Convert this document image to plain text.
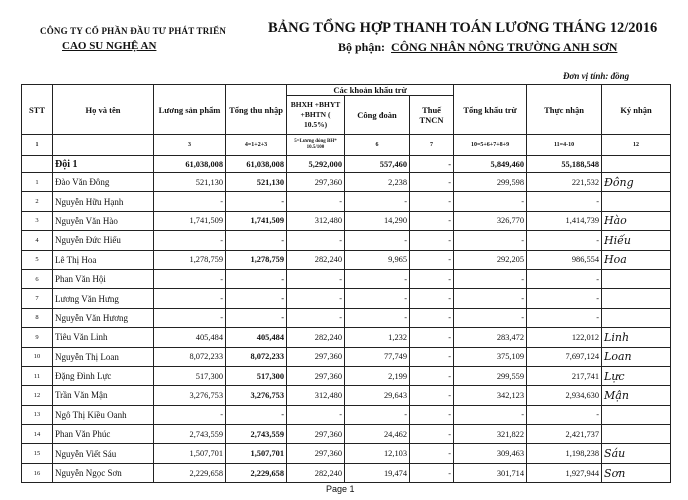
CÔNG TY CỔ PHẦN ĐẦU TƯ PHÁT TRIỂN
CAO SU NGHỆ AN
BẢNG TỔNG HỢP THANH TOÁN LƯƠNG THÁNG 12/2016
Bộ phận: CÔNG NHÂN NÔNG TRƯỜNG ANH SƠN
Đơn vị tính: đồng
STT	Họ và tên	Lương sản phẩm	Tổng thu nhập	Các khoản khấu trừ			Tổng khấu trừ	Thực nhận	Ký nhận
				BHXH +BHYT +BHTN ( 10.5%)	Công đoàn	Thuế TNCN			
1		3	4=1+2+3	5=Lương đóng BH* 10.5/100	6	7	10=5+6+7+8+9	11=4-10	12
	Đội 1	61,038,008	61,038,008	5,292,000	557,460	-	5,849,460	55,188,548	
1	Đào Văn Đông	521,130	521,130	297,360	2,238	-	299,598	221,532	Đông
2	Nguyễn Hữu Hạnh	-	-	-	-	-	-	-	
3	Nguyễn Văn Hào	1,741,509	1,741,509	312,480	14,290	-	326,770	1,414,739	Hào
4	Nguyễn Đức Hiếu	-	-	-	-	-	-	-	Hiếu
5	Lê Thị Hoa	1,278,759	1,278,759	282,240	9,965	-	292,205	986,554	Hoa
6	Phan Văn Hội	-	-	-	-	-	-	-	
7	Lương Văn Hưng	-	-	-	-	-	-	-	
8	Nguyễn Văn Hương	-	-	-	-	-	-	-	
9	Tiêu Văn Linh	405,484	405,484	282,240	1,232	-	283,472	122,012	Linh
10	Nguyễn Thị Loan	8,072,233	8,072,233	297,360	77,749	-	375,109	7,697,124	Loan
11	Đặng Đình Lực	517,300	517,300	297,360	2,199	-	299,559	217,741	Lực
12	Trần Văn Mận	3,276,753	3,276,753	312,480	29,643	-	342,123	2,934,630	Mận
13	Ngô Thị Kiều Oanh	-	-	-	-	-	-	-	
14	Phan Văn Phúc	2,743,559	2,743,559	297,360	24,462	-	321,822	2,421,737	
15	Nguyễn Viết Sáu	1,507,701	1,507,701	297,360	12,103	-	309,463	1,198,238	Sáu
16	Nguyễn Ngọc Sơn	2,229,658	2,229,658	282,240	19,474	-	301,714	1,927,944	Sơn
Page 1
